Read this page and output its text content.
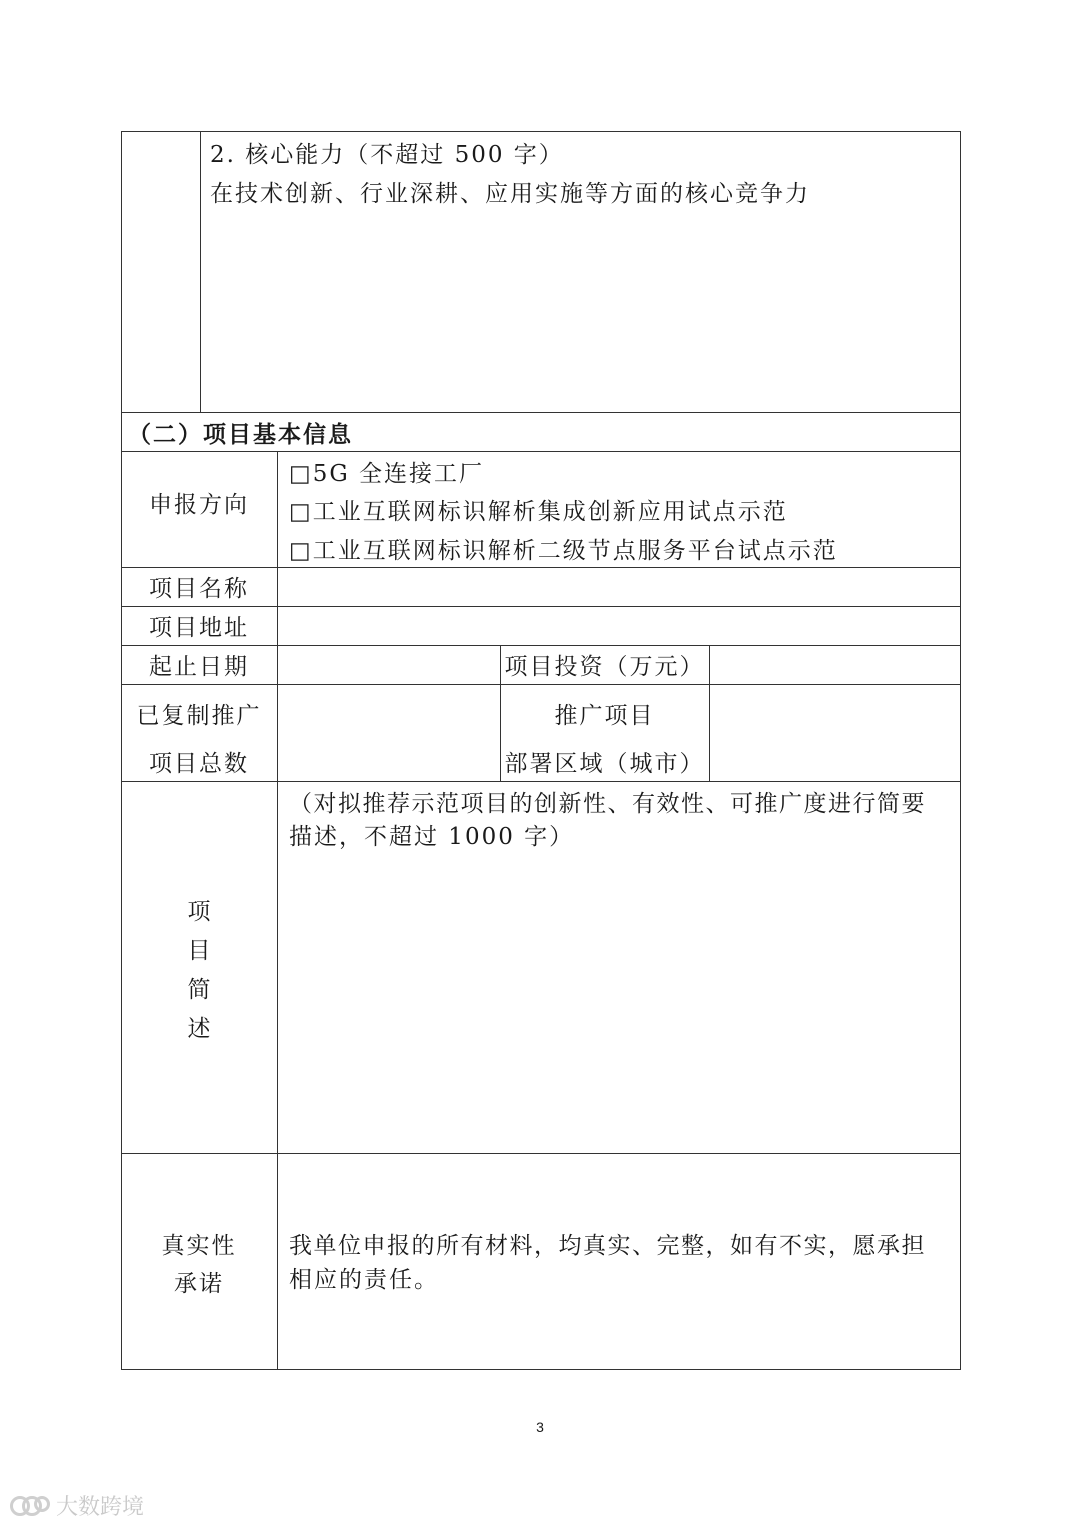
2. 核心能力（不超过 500 字）
在技术创新、行业深耕、应用实施等方面的核心竞争力
（二）项目基本信息
申报方向
□5G 全连接工厂
□工业互联网标识解析集成创新应用试点示范
□工业互联网标识解析二级节点服务平台试点示范
项目名称
项目地址
起止日期	项目投资（万元）
已复制推广
项目总数
推广项目
部署区域（城市）
项
目
简
述
（对拟推荐示范项目的创新性、有效性、可推广度进行简要
描述，不超过 1000 字）
真实性
承诺
我单位申报的所有材料，均真实、完整，如有不实，愿承担
相应的责任。
3
大数跨境
